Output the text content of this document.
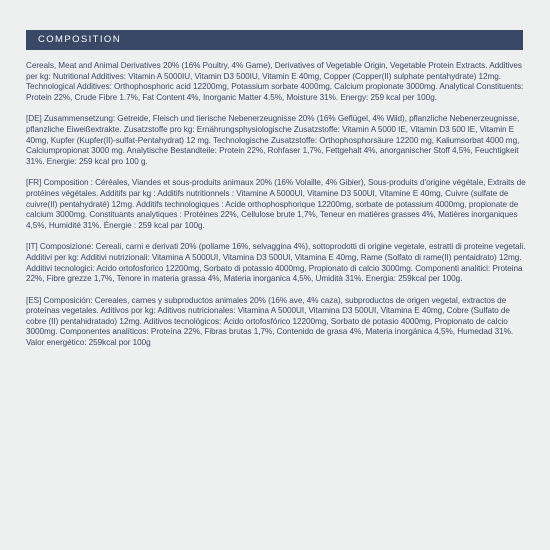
COMPOSITION

Cereals, Meat and Animal Derivatives 20% (16% Poultry, 4% Game), Derivatives of Vegetable Origin, Vegetable Protein Extracts. Additives per kg: Nutritional Additives: Vitamin A 5000IU, Vitamin D3 500IU, Vitamin E 40mg, Copper (Copper(II) sulphate pentahydrate) 12mg. Technological Additives: Orthophosphoric acid 12200mg, Potassium sorbate 4000mg, Calcium propionate 3000mg. Analytical Constituents: Protein 22%, Crude Fibre 1.7%, Fat Content 4%, Inorganic Matter 4.5%, Moisture 31%. Energy: 259 kcal per 100g.

[DE] Zusammensetzung: Getreide, Fleisch und tierische Nebenerzeugnisse 20% (16% Geflügel, 4% Wild), pflanzliche Nebenerzeugnisse, pflanzliche Eiweißextrakte. Zusatzstoffe pro kg: Ernährungsphysiologische Zusatzstoffe: Vitamin A 5000 IE, Vitamin D3 500 IE, Vitamin E 40mg, Kupfer (Kupfer(II)-sulfat-Pentahydrat) 12 mg. Technologische Zusatzstoffe: Orthophosphorsäure 12200 mg, Kaliumsorbat 4000 mg, Calciumpropionat 3000 mg. Analytische Bestandteile: Protein 22%, Rohfaser 1,7%, Fettgehalt 4%, anorganischer Stoff 4,5%, Feuchtigkeit 31%. Energie: 259 kcal pro 100 g.

[FR] Composition : Céréales, Viandes et sous-produits animaux 20% (16% Volaille, 4% Gibier), Sous-produits d'origine végétale, Extraits de protéines végétales. Additifs par kg : Additifs nutritionnels : Vitamine A 5000UI, Vitamine D3 500UI, Vitamine E 40mg, Cuivre (sulfate de cuivre(II) pentahydraté) 12mg. Additifs technologiques : Acide orthophosphorique 12200mg, sorbate de potassium 4000mg, propionate de calcium 3000mg. Constituants analytiques : Protéines 22%, Cellulose brute 1,7%, Teneur en matières grasses 4%, Matières inorganiques 4,5%, Humidité 31%. Énergie : 259 kcal par 100g.

[IT] Composizione: Cereali, carni e derivati 20% (pollame 16%, selvaggina 4%), sottoprodotti di origine vegetale, estratti di proteine vegetali. Additivi per kg: Additivi nutrizionali: Vitamina A 5000UI, Vitamina D3 500UI, Vitamina E 40mg, Rame (Solfato di rame(II) pentaidrato) 12mg. Additivi tecnologici: Acido ortofosforico 12200mg, Sorbato di potassio 4000mg, Propionato di calcio 3000mg. Componenti analitici: Proteina 22%, Fibre grezze 1,7%, Tenore in materia grassa 4%, Materia inorganica 4,5%, Umidità 31%. Energia: 259kcal per 100g.

[ES] Composición: Cereales, carnes y subproductos animales 20% (16% ave, 4% caza), subproductos de origen vegetal, extractos de proteínas vegetales. Aditivos por kg: Aditivos nutricionales: Vitamina A 5000UI, Vitamina D3 500UI, Vitamina E 40mg, Cobre (Sulfato de cobre (II) pentahidratado) 12mg. Aditivos tecnológicos: Ácido ortofosfórico 12200mg, Sorbato de potasio 4000mg, Propionato de calcio 3000mg. Componentes analíticos: Proteína 22%, Fibras brutas 1,7%, Contenido de grasa 4%, Materia inorgánica 4,5%, Humedad 31%. Valor energético: 259kcal por 100g
